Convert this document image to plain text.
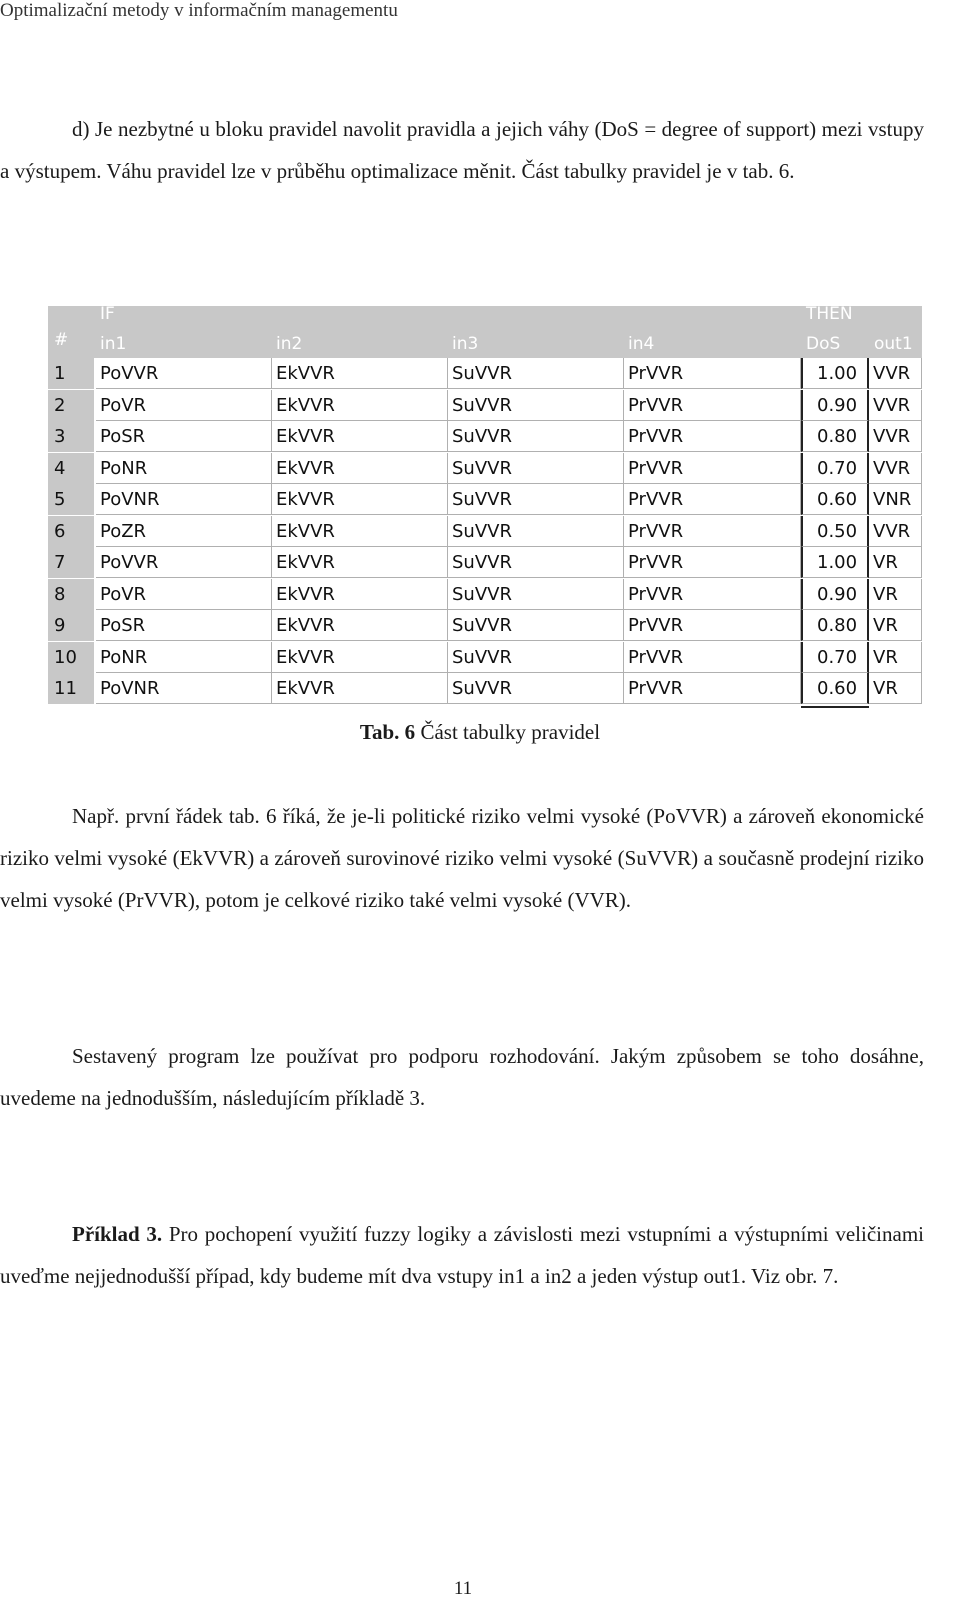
Optimalizační metody v informačním managementu
d) Je nezbytné u bloku pravidel navolit pravidla a jejich váhy (DoS = degree of support) mezi vstupy a výstupem. Váhu pravidel lze v průběhu optimalizace měnit. Část tabulky pravidel je v tab. 6.
#
IF
in1	in2	in3	in4
THEN
DoS out1
1	PoVVR	EkVVR	SuVVR	PrVVR	1.00 VVR
2	PoVR	EkVVR	SuVVR	PrVVR	0.90 VVR
3	PoSR	EkVVR	SuVVR	PrVVR	0.80 VVR
4	PoNR	EkVVR	SuVVR	PrVVR	0.70 VVR
5	PoVNR	EkVVR	SuVVR	PrVVR	0.60 VNR
6	PoZR	EkVVR	SuVVR	PrVVR	0.50 VVR
7	PoVVR	EkVVR	SuVVR	PrVVR	1.00 VR
8	PoVR	EkVVR	SuVVR	PrVVR	0.90 VR
9	PoSR	EkVVR	SuVVR	PrVVR	0.80 VR
10	PoNR	EkVVR	SuVVR	PrVVR	0.70 VR
11	PoVNR	EkVVR	SuVVR	PrVVR	0.60 VR
Tab. 6 Část tabulky pravidel
Např. první řádek tab. 6 říká, že je-li politické riziko velmi vysoké (PoVVR) a zároveň ekonomické riziko velmi vysoké (EkVVR) a zároveň surovinové riziko velmi vysoké (SuVVR) a současně prodejní riziko velmi vysoké (PrVVR), potom je celkové riziko také velmi vysoké (VVR).
Sestavený program lze používat pro podporu rozhodování. Jakým způsobem se toho dosáhne, uvedeme na jednodušším, následujícím příkladě 3.
Příklad 3. Pro pochopení využití fuzzy logiky a závislosti mezi vstupními a výstupními veličinami uveďme nejjednodušší případ, kdy budeme mít dva vstupy in1 a in2 a jeden výstup out1. Viz obr. 7.
11
